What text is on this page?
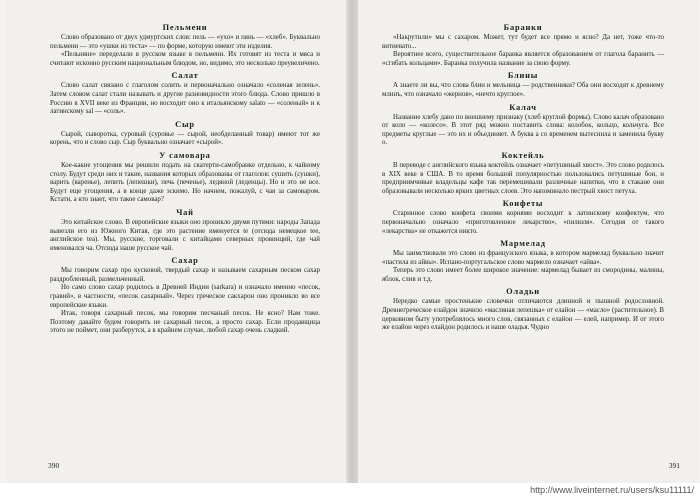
Пельмени

Слово образовано от двух удмуртских слов: пель — «ухо» и пянь — «хлеб». Буквально пельмени — это «ушки из теста» — по форме, которую имеют эти изделия.

«Пельняне» переделали в русском языке в пельмени. Их готовят из теста и мяса и считают исконно русским национальным блюдом, но, видимо, это несколько преувеличено.

Салат

Слово салат связано с глаголом солить и первоначально означало «соленая зелень». Затем словом салат стали называть и другие разновидности этого блюда. Слово пришло в Россию в XVII веке из Франции, но восходит оно к итальянскому salato — «соленый» и к латинскому sal — «соль».

Сыр

Сырой, сыворотка, суровый (суровье — сырой, необделанный товар) имеют тот же корень, что и слово сыр. Сыр буквально означает «сырой».

У самовара

Кое-какие угощения мы решили подать на скатерти-самобранке отдельно, к чайному столу. Будут среди них и такие, названия которых образованы от глаголов: сушить (сушки), варить (варенье), лепить (лепешки), печь (печенье), ледяной (леденцы). Но и это не все. Будут еще угощения, а в конце даже эскимо. Но начнем, пожалуй, с чая за самоваром. Кстати, а кто знает, что такое самовар?

Чай

Это китайское слово. В европейские языки оно проникло двумя путями: народы Запада вывезли его из Южного Китая, где это растение именуется te (отсюда немецкое tee, английское tea). Мы, русские, торговали с китайцами северных провинций, где чай именовался ча. Отсюда наше русское чай.

Сахар

Мы говорим сахар про кусковой, твердый сахар и называем сахарным песком сахар раздробленный, размельченный.

Но само слово сахар родилось в Древней Индии (sarkara) и означало именно «песок, гравий», в частности, «песок сахарный». Через греческое сакхарон оно проникло во все европейские языки.

Итак, говоря сахарный песок, мы говорим песчаный песок. Не ясно? Нам тоже. Поэтому давайте будем говорить не сахарный песок, а просто сахар. Если продавщица этого не поймет, они разберутся, а в крайнем случае, любой сахар очень сладкий.

390
Баранки

«Накрутили» мы с сахаром. Может, тут будет все прямо и ясно? Да нет, тоже что-то витиевато...

Вероятнее всего, существительное баранка является образованием от глагола баранить — «сгибать кольцами». Баранка получила название за свою форму.

Блины

А знаете ли вы, что слова блин и мельница — родственники? Оба они восходят к древнему млинъ, что означало «жернов», «нечто круглое».

Калач

Название хлебу дано по внешнему признаку (хлеб круглой формы). Слово калач образовано от коло — «колесо». В этот ряд можно поставить слова: колобок, кольцо, кольчуга. Все предметы круглые — это их и объединяет. А буква а со временем вытеснила и заменила букву о.

Коктейль

В переводе с английского языка коктейль означает «петушиный хвост». Это слово родилось в XIX веке в США. В то время большой популярностью пользовались петушиные бои, и предприимчивые владельцы кафе так перемешивали различные напитки, что в стакане они образовывали несколько ярких цветных слоев. Это напоминало пестрый хвост петуха.

Конфеты

Старинное слово конфета своими корнями восходит к латинскому конфектум, что первоначально означало «приготовленное лекарство», «пилюля». Сегодня от такого «лекарства» не откажется никто.

Мармелад

Мы заимствовали это слово из французского языка, в котором мармелад буквально значит «пастила из айвы». Испано-португальское слово мармело означает «айва».

Теперь это слово имеет более широкое значение: мармелад бывает из смородины, малины, яблок, слив и т.д.

Оладьи

Нередко самые простенькие словечки отличаются длинной и пышной родословной. Древнегреческое елайдон значило «масляная лепешка» от елайон — «масло» (растительное). В церковном быту употреблялось много слов, связанных с елайон — елей, например. И от этого же елайон через елайдон родилось и наше оладья. Чудно

391
http://www.liveinternet.ru/users/ksu11111/
